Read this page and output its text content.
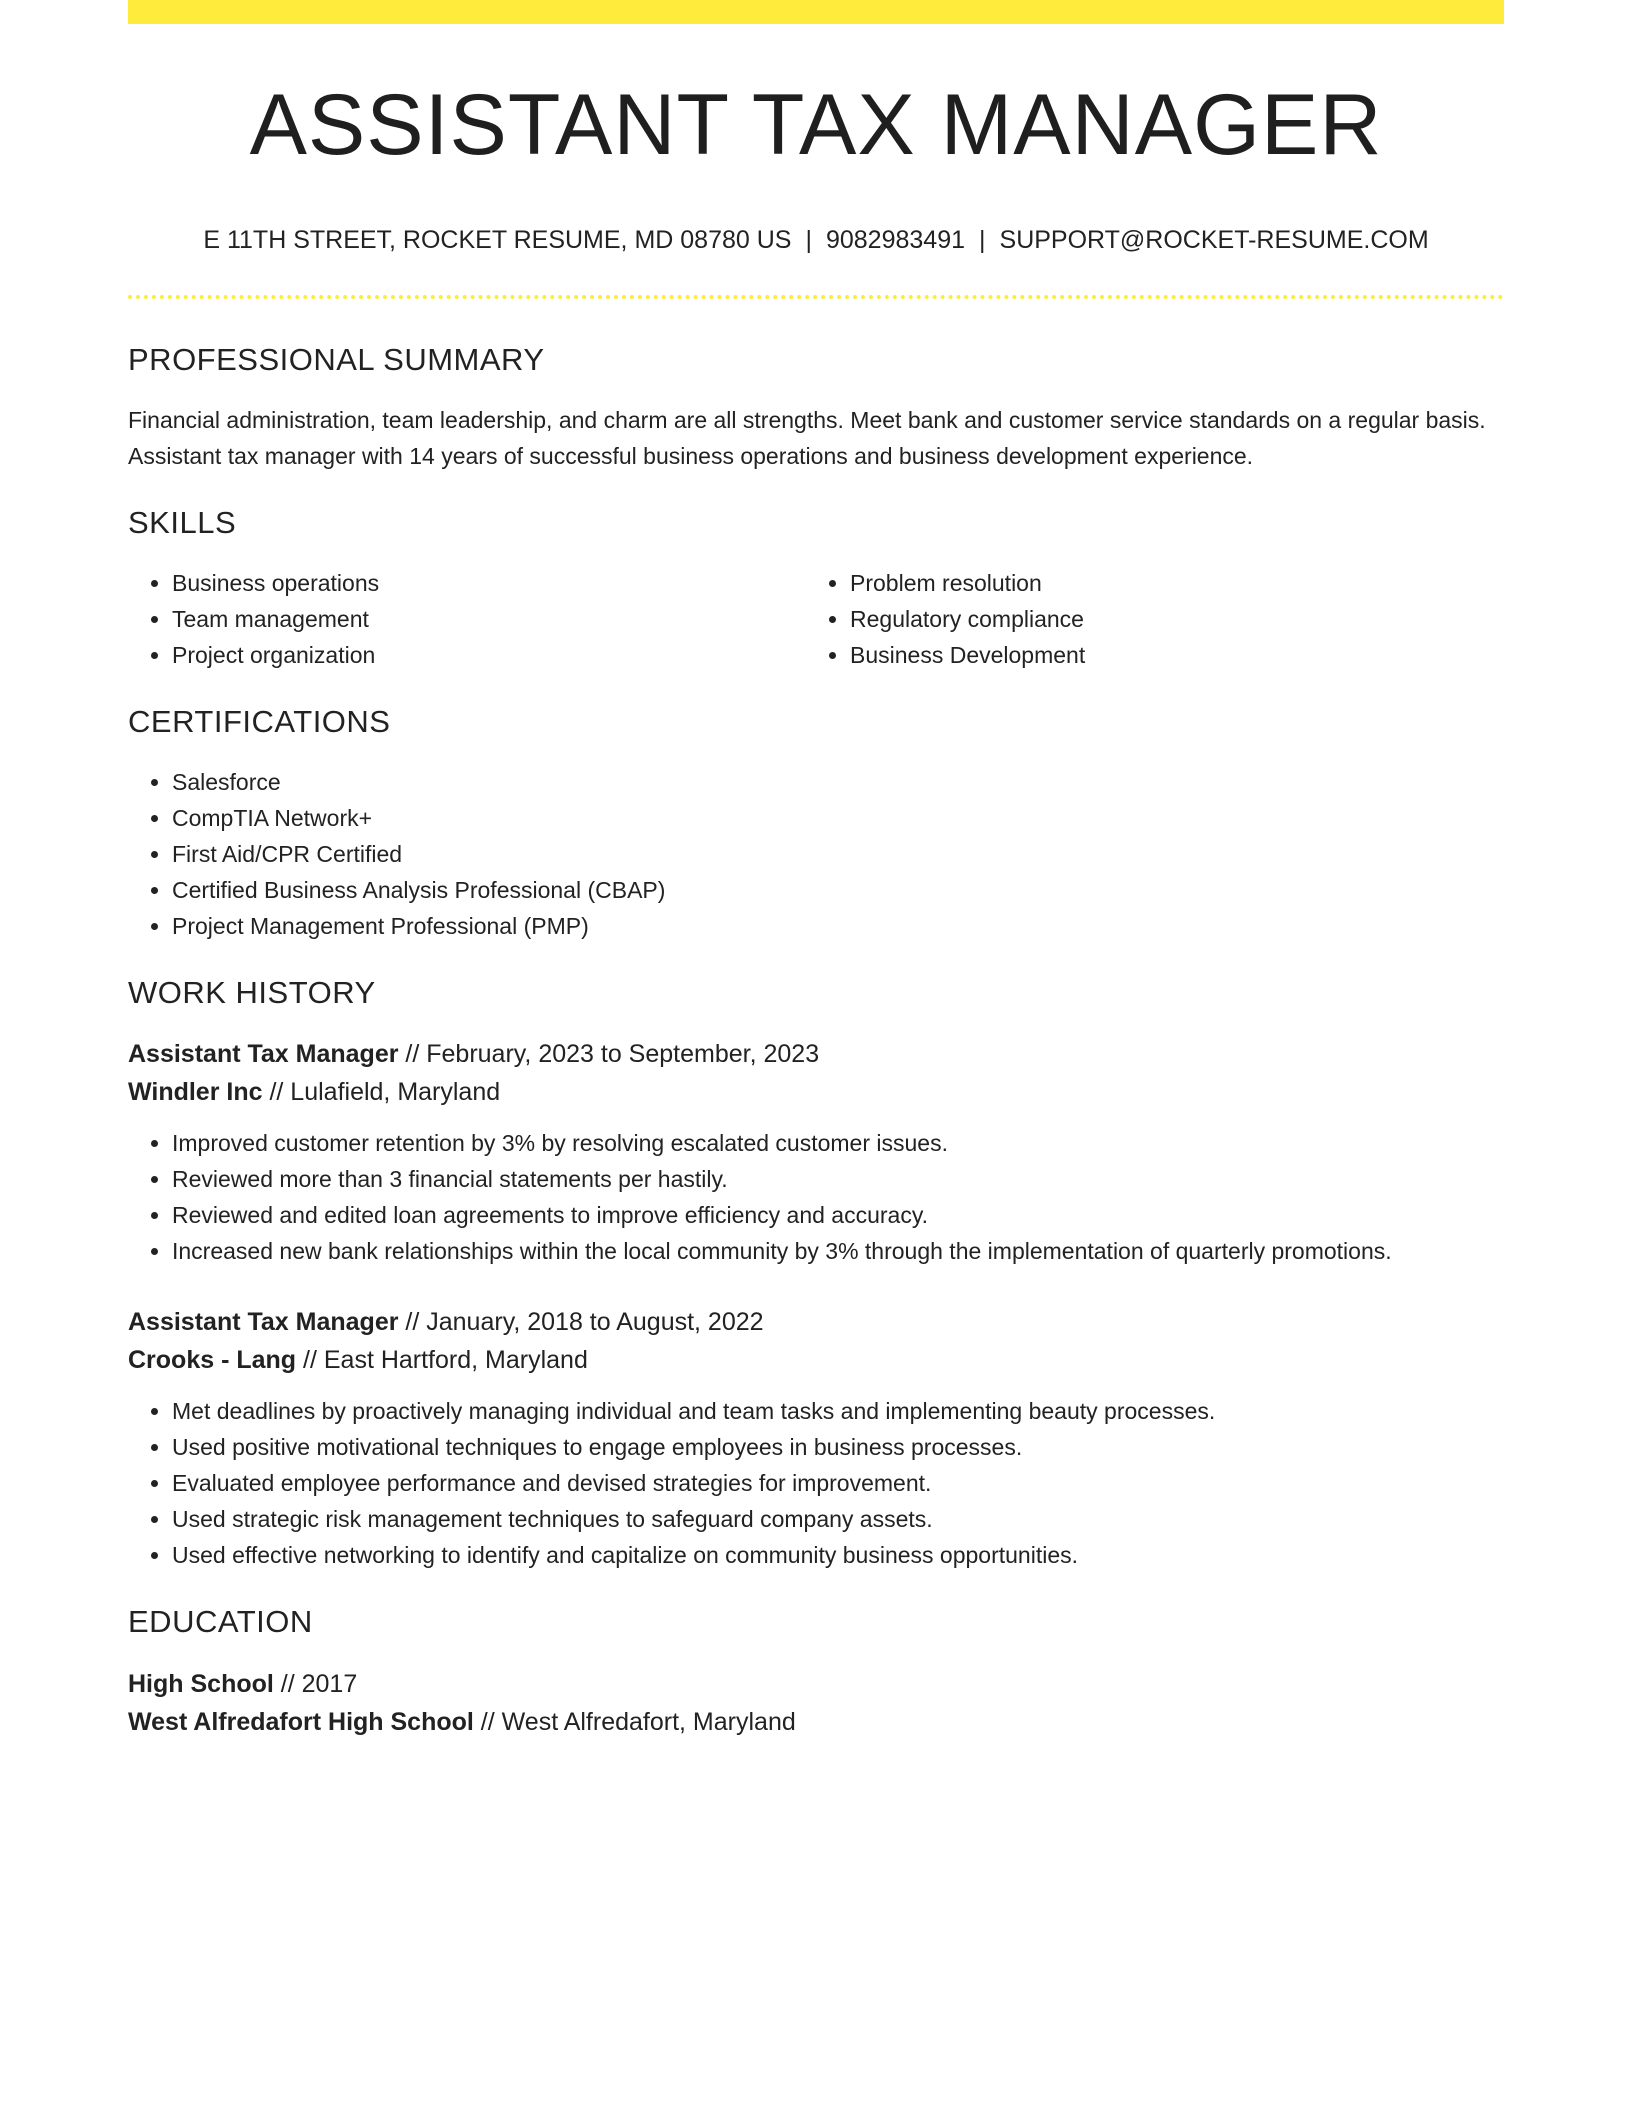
ASSISTANT TAX MANAGER
E 11TH STREET, ROCKET RESUME, MD 08780 US | 9082983491 | SUPPORT@ROCKET-RESUME.COM
PROFESSIONAL SUMMARY
Financial administration, team leadership, and charm are all strengths. Meet bank and customer service standards on a regular basis. Assistant tax manager with 14 years of successful business operations and business development experience.
SKILLS
• Business operations
• Team management
• Project organization
• Problem resolution
• Regulatory compliance
• Business Development
CERTIFICATIONS
• Salesforce
• CompTIA Network+
• First Aid/CPR Certified
• Certified Business Analysis Professional (CBAP)
• Project Management Professional (PMP)
WORK HISTORY
Assistant Tax Manager // February, 2023 to September, 2023
Windler Inc // Lulafield, Maryland
• Improved customer retention by 3% by resolving escalated customer issues.
• Reviewed more than 3 financial statements per hastily.
• Reviewed and edited loan agreements to improve efficiency and accuracy.
• Increased new bank relationships within the local community by 3% through the implementation of quarterly promotions.
Assistant Tax Manager // January, 2018 to August, 2022
Crooks - Lang // East Hartford, Maryland
• Met deadlines by proactively managing individual and team tasks and implementing beauty processes.
• Used positive motivational techniques to engage employees in business processes.
• Evaluated employee performance and devised strategies for improvement.
• Used strategic risk management techniques to safeguard company assets.
• Used effective networking to identify and capitalize on community business opportunities.
EDUCATION
High School // 2017
West Alfredafort High School // West Alfredafort, Maryland
